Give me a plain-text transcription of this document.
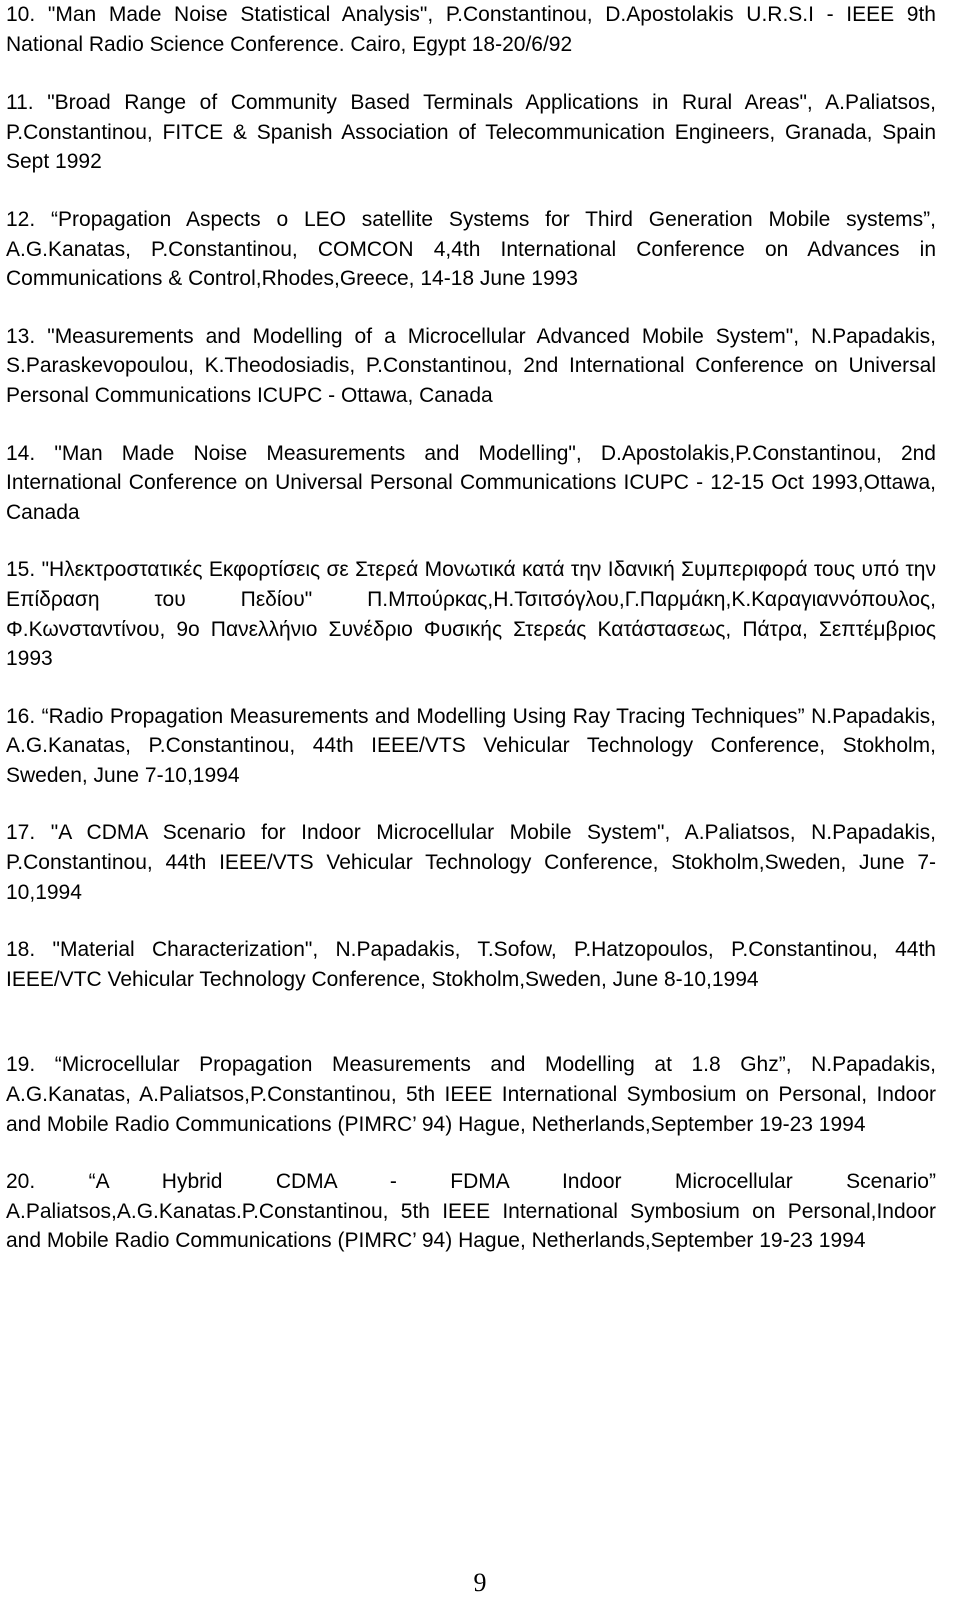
10. "Man Made Noise Statistical Analysis", P.Constantinou, D.Apostolakis U.R.S.I - IEEE 9th National Radio Science Conference. Cairo, Egypt 18-20/6/92

11. "Broad Range of Community Based Terminals Applications in Rural Areas", A.Paliatsos, P.Constantinou, FITCE & Spanish Association of Telecommunication Engineers, Granada, Spain Sept 1992

12. “Propagation Aspects o LEO satellite Systems for Third Generation Mobile systems”, A.G.Kanatas, P.Constantinou, COMCON 4,4th International Conference on Advances in Communications & Control,Rhodes,Greece, 14-18 June 1993

13. "Measurements and Modelling of a Microcellular Advanced Mobile System", N.Papadakis, S.Paraskevopoulou, K.Theodosiadis, P.Constantinou, 2nd International Conference on Universal Personal Communications ICUPC - Ottawa, Canada

14. "Man Made Noise Measurements and Modelling", D.Apostolakis,P.Constantinou, 2nd International Conference on Universal Personal Communications ICUPC - 12-15 Oct 1993,Ottawa, Canada

15. "Ηλεκτροστατικές Εκφορτίσεις σε Στερεά Μονωτικά κατά την Ιδανική Συμπεριφορά τους υπό την Επίδραση του Πεδίου" Π.Μπούρκας,Η.Τσιτσόγλου,Γ.Παρμάκη,Κ.Καραγιαννόπουλος, Φ.Κωνσταντίνου, 9ο Πανελλήνιο Συνέδριο Φυσικής Στερεάς Κατάστασεως, Πάτρα, Σεπτέμβριος 1993

16. “Radio Propagation Measurements and Modelling Using Ray Tracing Techniques” N.Papadakis, A.G.Kanatas, P.Constantinou, 44th IEEE/VTS Vehicular Technology Conference, Stokholm, Sweden, June 7-10,1994

17. "A CDMA Scenario for Indoor Microcellular Mobile System", A.Paliatsos, N.Papadakis, P.Constantinou, 44th IEEE/VTS Vehicular Technology Conference, Stokholm,Sweden, June 7-10,1994

18. "Material Characterization", N.Papadakis, T.Sofow, P.Hatzopoulos, P.Constantinou, 44th IEEE/VTC Vehicular Technology Conference, Stokholm,Sweden, June 8-10,1994

19. “Microcellular Propagation Measurements and Modelling at 1.8 Ghz”, N.Papadakis, A.G.Kanatas, A.Paliatsos,P.Constantinou, 5th IEEE International Symbosium on Personal, Indoor and Mobile Radio Communications (PIMRC’ 94) Hague, Netherlands,September 19-23 1994

20.	“A Hybrid CDMA - FDMA Indoor Microcellular Scenario” A.Paliatsos,A.G.Kanatas.P.Constantinou, 5th IEEE International Symbosium on Personal,Indoor and Mobile Radio Communications (PIMRC’ 94) Hague, Netherlands,September 19-23 1994

9
